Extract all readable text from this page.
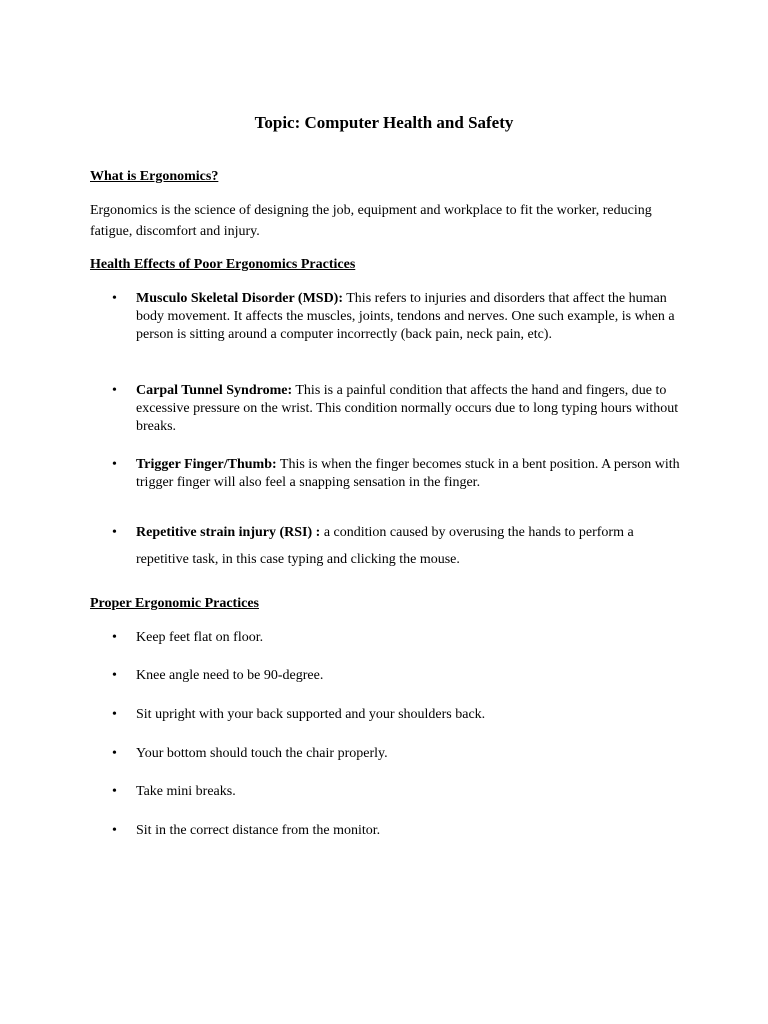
Topic: Computer Health and Safety
What is Ergonomics?
Ergonomics is the science of designing the job, equipment and workplace to fit the worker, reducing fatigue, discomfort and injury.
Health Effects of Poor Ergonomics Practices
•	Musculo Skeletal Disorder (MSD): This refers to injuries and disorders that affect the human body movement. It affects the muscles, joints, tendons and nerves. One such example, is when a person is sitting around a computer incorrectly (back pain, neck pain, etc).
•	Carpal Tunnel Syndrome: This is a painful condition that affects the hand and fingers, due to excessive pressure on the wrist. This condition normally occurs due to long typing hours without breaks.
•	Trigger Finger/Thumb: This is when the finger becomes stuck in a bent position. A person with trigger finger will also feel a snapping sensation in the finger.
•	Repetitive strain injury (RSI) : a condition caused by overusing the hands to perform a repetitive task, in this case typing and clicking the mouse.
Proper Ergonomic Practices
•	Keep feet flat on floor.
•	Knee angle need to be 90-degree.
•	Sit upright with your back supported and your shoulders back.
•	Your bottom should touch the chair properly.
•	Take mini breaks.
•	Sit in the correct distance from the monitor.
